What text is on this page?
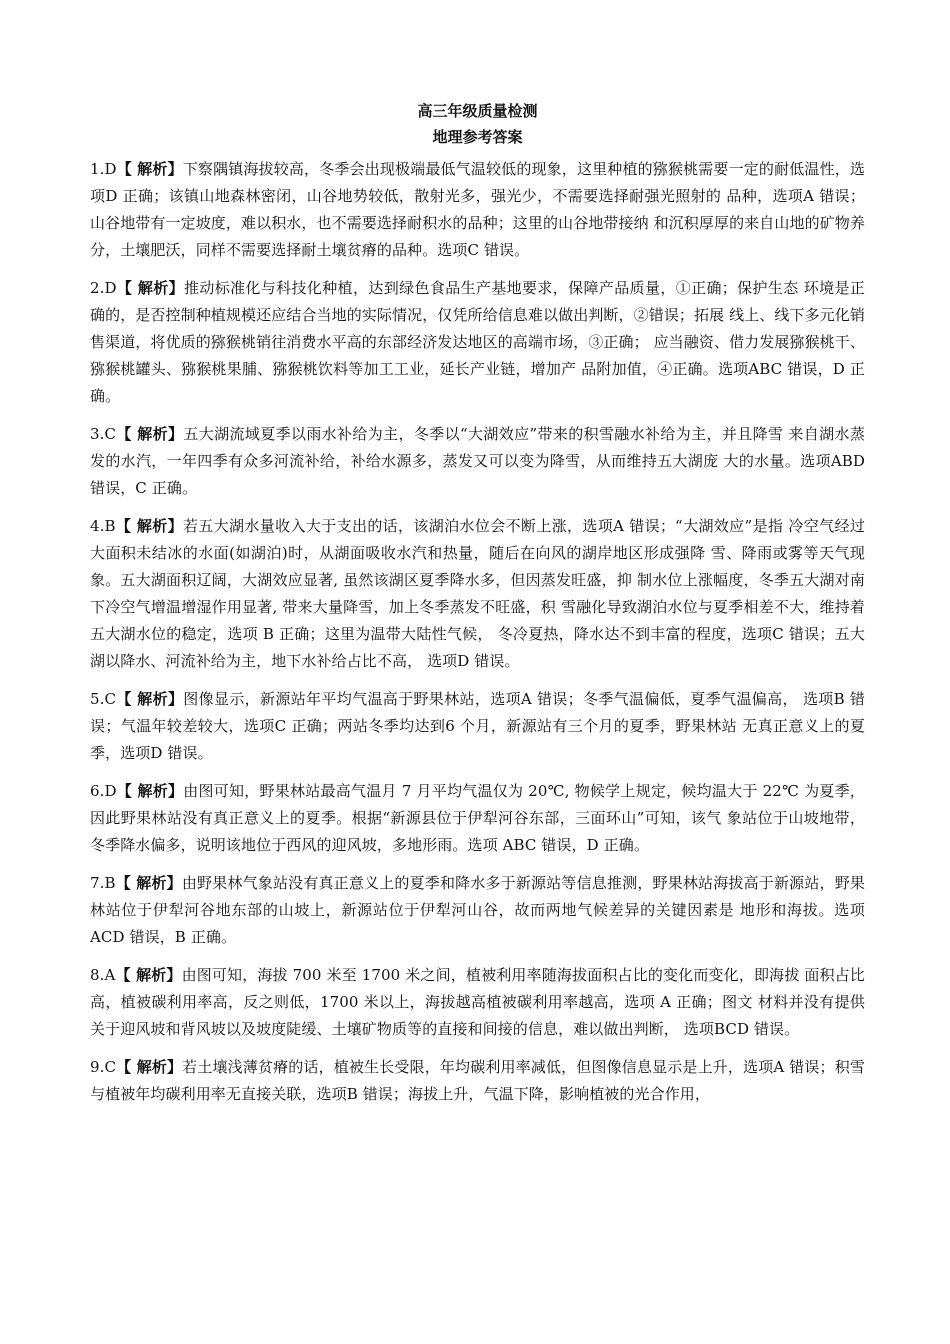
高三年级质量检测

地理参考答案

1.D【 解析】下察隅镇海拔较高，冬季会出现极端最低气温较低的现象，这里种植的猕猴桃需要一定的耐低温性，选项D 正确；该镇山地森林密闭，山谷地势较低，散射光多，强光少，不需要选择耐强光照射的 品种，选项A 错误；山谷地带有一定坡度，难以积水，也不需要选择耐积水的品种；这里的山谷地带接纳 和沉积厚厚的来自山地的矿物养分，土壤肥沃，同样不需要选择耐土壤贫瘠的品种。选项C 错误。

2.D【 解析】推动标准化与科技化种植，达到绿色食品生产基地要求，保障产品质量，①正确；保护生态 环境是正确的，是否控制种植规模还应结合当地的实际情况，仅凭所给信息难以做出判断，②错误；拓展 线上、线下多元化销售渠道，将优质的猕猴桃销往消费水平高的东部经济发达地区的高端市场，③正确； 应当融资、借力发展猕猴桃干、猕猴桃罐头、猕猴桃果脯、猕猴桃饮料等加工工业，延长产业链，增加产 品附加值，④正确。选项ABC 错误，D 正确。

3.C【 解析】五大湖流域夏季以雨水补给为主，冬季以“大湖效应”带来的积雪融水补给为主，并且降雪 来自湖水蒸发的水汽，一年四季有众多河流补给，补给水源多，蒸发又可以变为降雪，从而维持五大湖庞 大的水量。选项ABD 错误，C 正确。

4.B【 解析】若五大湖水量收入大于支出的话，该湖泊水位会不断上涨，选项A 错误；“大湖效应”是指 冷空气经过大面积未结冰的水面(如湖泊)时，从湖面吸收水汽和热量，随后在向风的湖岸地区形成强降 雪、降雨或雾等天气现象。五大湖面积辽阔，大湖效应显著, 虽然该湖区夏季降水多，但因蒸发旺盛，抑 制水位上涨幅度，冬季五大湖对南下冷空气增温增湿作用显著, 带来大量降雪，加上冬季蒸发不旺盛，积 雪融化导致湖泊水位与夏季相差不大，维持着五大湖水位的稳定，选项 B 正确；这里为温带大陆性气候， 冬冷夏热，降水达不到丰富的程度，选项C 错误；五大湖以降水、河流补给为主，地下水补给占比不高， 选项D 错误。

5.C【 解析】图像显示，新源站年平均气温高于野果林站，选项A 错误；冬季气温偏低，夏季气温偏高， 选项B 错误；气温年较差较大，选项C 正确；两站冬季均达到6 个月，新源站有三个月的夏季，野果林站 无真正意义上的夏季，选项D 错误。

6.D【 解析】由图可知，野果林站最高气温月 7 月平均气温仅为 20℃, 物候学上规定，候均温大于 22℃ 为夏季，因此野果林站没有真正意义上的夏季。根据“新源县位于伊犁河谷东部，三面环山”可知，该气 象站位于山坡地带，冬季降水偏多，说明该地位于西风的迎风坡，多地形雨。选项 ABC 错误，D 正确。

7.B【 解析】由野果林气象站没有真正意义上的夏季和降水多于新源站等信息推测，野果林站海拔高于新源站，野果林站位于伊犁河谷地东部的山坡上，新源站位于伊犁河山谷，故而两地气候差异的关键因素是 地形和海拔。选项ACD 错误，B 正确。

8.A【 解析】由图可知，海拔 700 米至 1700 米之间，植被利用率随海拔面积占比的变化而变化，即海拔 面积占比高，植被碳利用率高，反之则低，1700 米以上，海拔越高植被碳利用率越高，选项 A 正确；图文 材料并没有提供关于迎风坡和背风坡以及坡度陡缓、土壤矿物质等的直接和间接的信息，难以做出判断， 选项BCD 错误。

9.C【 解析】若土壤浅薄贫瘠的话，植被生长受限，年均碳利用率减低，但图像信息显示是上升，选项A 错误；积雪与植被年均碳利用率无直接关联，选项B 错误；海拔上升，气温下降，影响植被的光合作用，
